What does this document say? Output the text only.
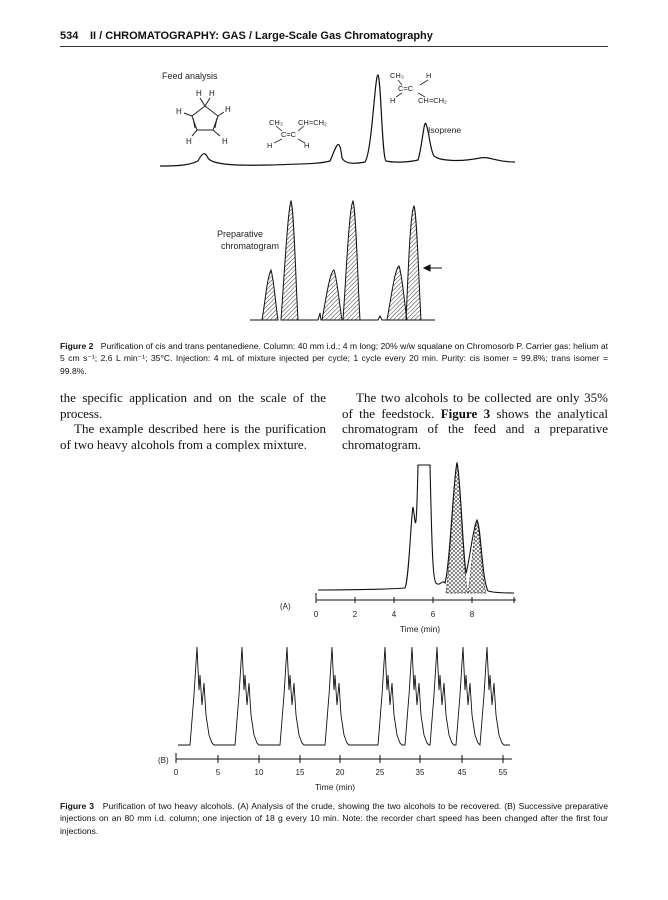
534 II / CHROMATOGRAPHY: GAS / Large-Scale Gas Chromatography
Feed analysis
H H
H
H
H	H
CH₃ CH=CH₂
C=C
H	H
CH₃	H
C=C
H	CH=CH₂
Isoprene
Preparative
chromatogram
Figure 2 Purification of cis and trans pentanediene. Column: 40 mm i.d.; 4 m long; 20% w/w squalane on Chromosorb P. Carrier gas: helium at 5 cm s⁻¹; 2.6 L min⁻¹; 35°C. Injection: 4 mL of mixture injected per cycle; 1 cycle every 20 min. Purity: cis isomer = 99.8%; trans isomer = 99.8%.

the specific application and on the scale of the process.

The example described here is the purification of two heavy alcohols from a complex mixture.

The two alcohols to be collected are only 35% of the feedstock. Figure 3 shows the analytical chromatogram of the feed and a preparative chromatogram.

(A)
0	2	4	6	8
Time (min)
(B)
0	5	10	15	20	25	35	45	55
Time (min)
Figure 3 Purification of two heavy alcohols. (A) Analysis of the crude, showing the two alcohols to be recovered. (B) Successive preparative injections on an 80 mm i.d. column; one injection of 18 g every 10 min. Note: the recorder chart speed has been changed after the first four injections.
